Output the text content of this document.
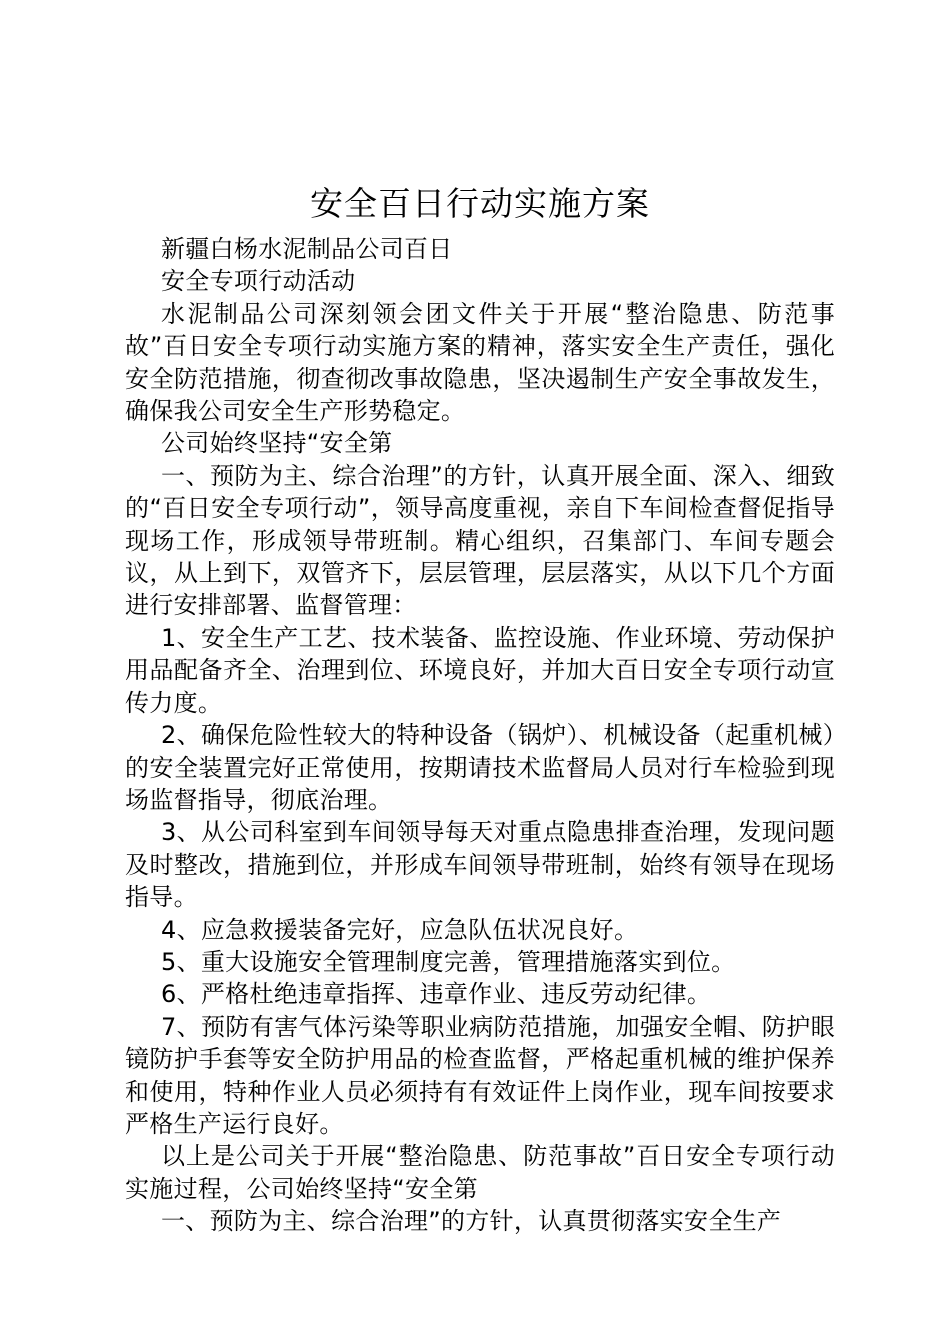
安全百日行动实施方案

新疆白杨水泥制品公司百日

安全专项行动活动

水泥制品公司深刻领会团文件关于开展“整治隐患、防范事故”百日安全专项行动实施方案的精神，落实安全生产责任，强化安全防范措施，彻查彻改事故隐患，坚决遏制生产安全事故发生，确保我公司安全生产形势稳定。

公司始终坚持“安全第

一、预防为主、综合治理”的方针，认真开展全面、深入、细致的“百日安全专项行动”，领导高度重视，亲自下车间检查督促指导现场工作，形成领导带班制。精心组织，召集部门、车间专题会议，从上到下，双管齐下，层层管理，层层落实，从以下几个方面进行安排部署、监督管理：

1、安全生产工艺、技术装备、监控设施、作业环境、劳动保护用品配备齐全、治理到位、环境良好，并加大百日安全专项行动宣传力度。

2、确保危险性较大的特种设备（锅炉）、机械设备（起重机械）的安全装置完好正常使用，按期请技术监督局人员对行车检验到现场监督指导，彻底治理。

3、从公司科室到车间领导每天对重点隐患排查治理，发现问题及时整改，措施到位，并形成车间领导带班制，始终有领导在现场指导。

4、应急救援装备完好，应急队伍状况良好。

5、重大设施安全管理制度完善，管理措施落实到位。

6、严格杜绝违章指挥、违章作业、违反劳动纪律。

7、预防有害气体污染等职业病防范措施，加强安全帽、防护眼镜防护手套等安全防护用品的检查监督，严格起重机械的维护保养和使用，特种作业人员必须持有有效证件上岗作业，现车间按要求严格生产运行良好。

以上是公司关于开展“整治隐患、防范事故”百日安全专项行动实施过程，公司始终坚持“安全第

一、预防为主、综合治理”的方针，认真贯彻落实安全生产
